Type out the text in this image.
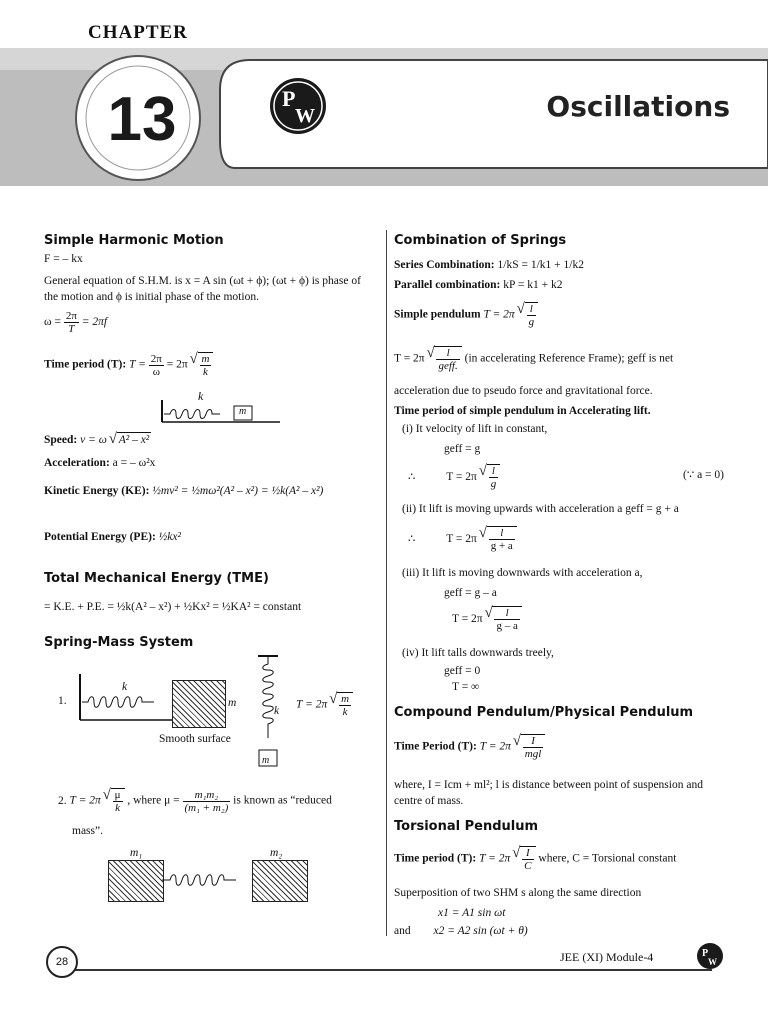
CHAPTER
13	P
W	Oscillations
Simple Harmonic Motion
F = – kx
General equation of S.H.M. is x = A sin (ωt + ϕ); (ωt + ϕ) is phase of the motion and ϕ is initial phase of the motion.
$\omega = \frac{2\pi}{T} = 2\pi f$
Time period (T): $T = \frac{2\pi}{\omega} = 2\pi$ √ $\frac{m}{k}$
k
m
Speed: v = ω √ A² – x²
Acceleration: a = – ω²x
Kinetic Energy (KE): ½mv² = ½mω²(A² – x²) = ½k(A² – x²)
Potential Energy (PE): ½kx²
Total Mechanical Energy (TME)
= K.E. + P.E. = ½k(A² – x²) + ½Kx² = ½KA² = constant
Spring-Mass System
1.
k
m
Smooth surface
k
m
T = 2π √ $\frac{m}{k}$
2. T = 2π √ $\frac{\mu}{k}$ , where $\mu = \frac{\text{m₁m₂}}{\text{(m₁ + m₂)}}$ is known as “reduced
mass”.
m₁	m₂
Combination of Springs
Series Combination: 1/kS = 1/k1 + 1/k2
Parallel combination: kP = k1 + k2
Simple pendulum T = 2π √ $\frac{l}{g}$
T = 2π √ $\frac{l}{\text{geff.}} (in$ accelerating Reference Frame); geff is net
acceleration due to pseudo force and gravitational force.
Time period of simple pendulum in Accelerating lift.
(i) It velocity of lift in constant,
geff = g
∴	T = 2π √ $\frac{l}{g}$	(∵ a = 0)
(ii) It lift is moving upwards with acceleration a geff = g + a
∴	T = 2π √ $\frac{l}{g + a}$
(iii) It lift is moving downwards with acceleration a,
geff = g – a
T = 2π √ $\frac{l}{g - a}$
(iv) It lift talls downwards treely,
geff = 0
T = ∞
Compound Pendulum/Physical Pendulum
Time Period (T): T = 2π √ $\frac{I}{\text{mgl}}$
where, I = Icm + ml²; l is distance between point of suspension and centre of mass.
Torsional Pendulum
Time period (T): T = 2π √ $\frac{I}{C}$ where, C = Torsional constant
Superposition of two SHM s along the same direction
x1 = A1 sin ωt
and x2 = A2 sin (ωt + θ)
28	JEE (XI) Module-4	P
W
